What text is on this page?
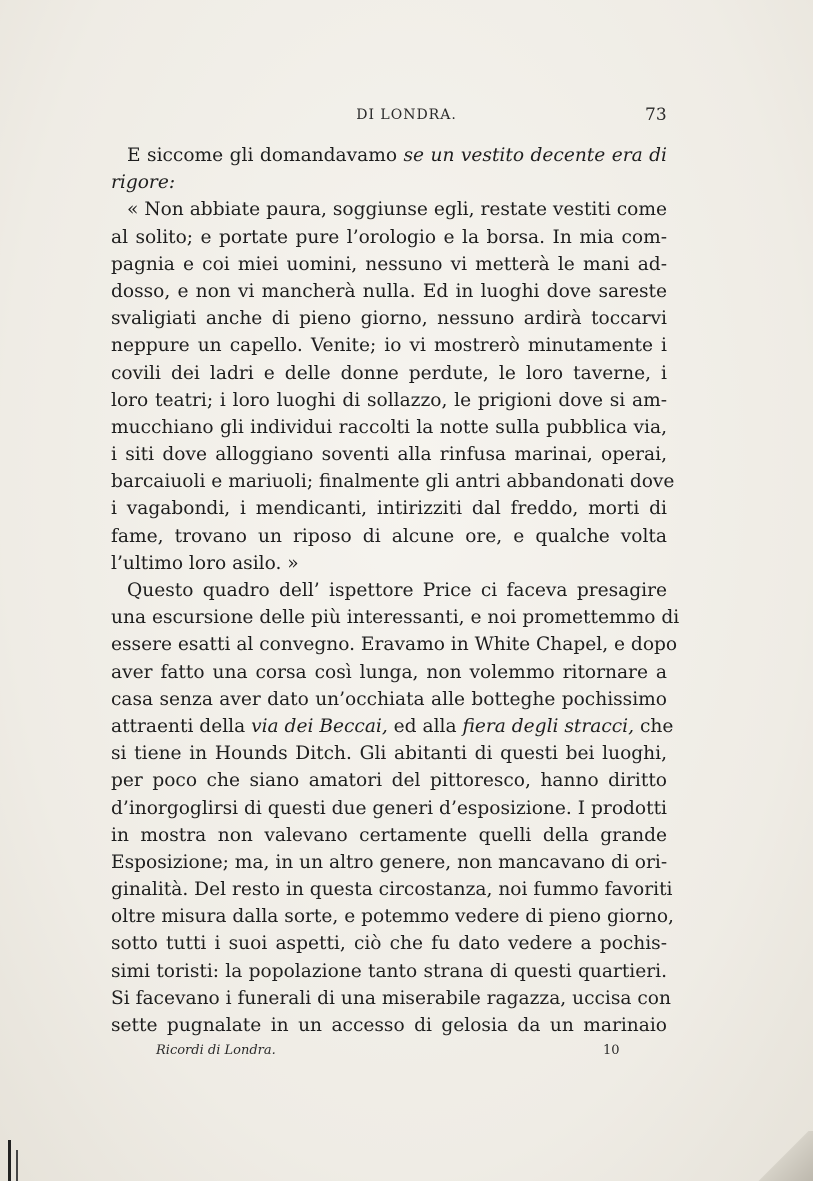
DI LONDRA.	73
E siccome gli domandavamo se un vestito decente era di
rigore:
« Non abbiate paura, soggiunse egli, restate vestiti come
al solito; e portate pure l’orologio e la borsa. In mia com-
pagnia e coi miei uomini, nessuno vi metterà le mani ad-
dosso, e non vi mancherà nulla. Ed in luoghi dove sareste
svaligiati anche di pieno giorno, nessuno ardirà toccarvi
neppure un capello. Venite; io vi mostrerò minutamente i
covili dei ladri e delle donne perdute, le loro taverne, i
loro teatri; i loro luoghi di sollazzo, le prigioni dove si am-
mucchiano gli individui raccolti la notte sulla pubblica via,
i siti dove alloggiano soventi alla rinfusa marinai, operai,
barcaiuoli e mariuoli; finalmente gli antri abbandonati dove
i vagabondi, i mendicanti, intirizziti dal freddo, morti di
fame, trovano un riposo di alcune ore, e qualche volta
l’ultimo loro asilo. »
Questo quadro dell’ ispettore Price ci faceva presagire
una escursione delle più interessanti, e noi promettemmo di
essere esatti al convegno. Eravamo in White Chapel, e dopo
aver fatto una corsa così lunga, non volemmo ritornare a
casa senza aver dato un’occhiata alle botteghe pochissimo
attraenti della via dei Beccai, ed alla fiera degli stracci, che
si tiene in Hounds Ditch. Gli abitanti di questi bei luoghi,
per poco che siano amatori del pittoresco, hanno diritto
d’inorgoglirsi di questi due generi d’esposizione. I prodotti
in mostra non valevano certamente quelli della grande
Esposizione; ma, in un altro genere, non mancavano di ori-
ginalità. Del resto in questa circostanza, noi fummo favoriti
oltre misura dalla sorte, e potemmo vedere di pieno giorno,
sotto tutti i suoi aspetti, ciò che fu dato vedere a pochis-
simi toristi: la popolazione tanto strana di questi quartieri.
Si facevano i funerali di una miserabile ragazza, uccisa con
sette pugnalate in un accesso di gelosia da un marinaio
Ricordi di Londra.	10
